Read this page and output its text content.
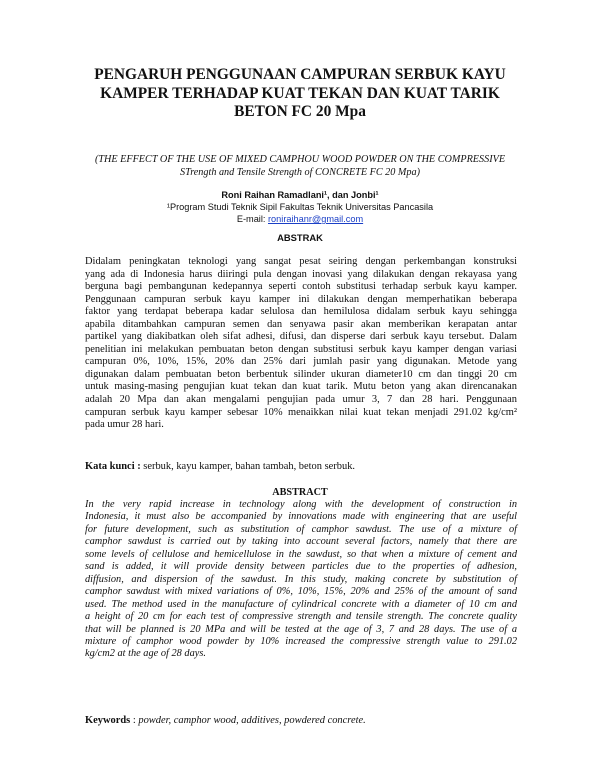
PENGARUH PENGGUNAAN CAMPURAN SERBUK KAYU
KAMPER TERHADAP KUAT TEKAN DAN KUAT TARIK
BETON FC 20 Mpa
(THE EFFECT OF THE USE OF MIXED CAMPHOU WOOD POWDER ON THE COMPRESSIVE
STrength and Tensile Strength of CONCRETE FC 20 Mpa)
Roni Raihan Ramadlani¹, dan Jonbi¹
¹Program Studi Teknik Sipil Fakultas Teknik Universitas Pancasila
E-mail: roniraihanr@gmail.com
ABSTRAK
Didalam peningkatan teknologi yang sangat pesat seiring dengan perkembangan konstruksi
yang ada di Indonesia harus diiringi pula dengan inovasi yang dilakukan dengan rekayasa yang
berguna bagi pembangunan kedepannya seperti contoh substitusi terhadap serbuk kayu kamper.
Penggunaan campuran serbuk kayu kamper ini dilakukan dengan memperhatikan beberapa
faktor yang terdapat beberapa kadar selulosa dan hemilulosa didalam serbuk kayu sehingga
apabila ditambahkan campuran semen dan senyawa pasir akan memberikan kerapatan antar
partikel yang diakibatkan oleh sifat adhesi, difusi, dan disperse dari serbuk kayu tersebut. Dalam
penelitian ini melakukan pembuatan beton dengan substitusi serbuk kayu kamper dengan variasi
campuran 0%, 10%, 15%, 20% dan 25% dari jumlah pasir yang digunakan. Metode yang
digunakan dalam pembuatan beton berbentuk silinder ukuran diameter10 cm dan tinggi 20 cm
untuk masing-masing pengujian kuat tekan dan kuat tarik. Mutu beton yang akan direncanakan
adalah 20 Mpa dan akan mengalami pengujian pada umur 3, 7 dan 28 hari. Penggunaan
campuran serbuk kayu kamper sebesar 10% menaikkan nilai kuat tekan menjadi 291.02 kg/cm²
pada umur 28 hari.
Kata kunci : serbuk, kayu kamper, bahan tambah, beton serbuk.
ABSTRACT
In the very rapid increase in technology along with the development of construction in
Indonesia, it must also be accompanied by innovations made with engineering that are useful
for future development, such as substitution of camphor sawdust. The use of a mixture of
camphor sawdust is carried out by taking into account several factors, namely that there are
some levels of cellulose and hemicellulose in the sawdust, so that when a mixture of cement and
sand is added, it will provide density between particles due to the properties of adhesion,
diffusion, and dispersion of the sawdust. In this study, making concrete by substitution of
camphor sawdust with mixed variations of 0%, 10%, 15%, 20% and 25% of the amount of sand
used. The method used in the manufacture of cylindrical concrete with a diameter of 10 cm and
a height of 20 cm for each test of compressive strength and tensile strength. The concrete quality
that will be planned is 20 MPa and will be tested at the age of 3, 7 and 28 days. The use of a
mixture of camphor wood powder by 10% increased the compressive strength value to 291.02
kg/cm2 at the age of 28 days.
Keywords : powder, camphor wood, additives, powdered concrete.
